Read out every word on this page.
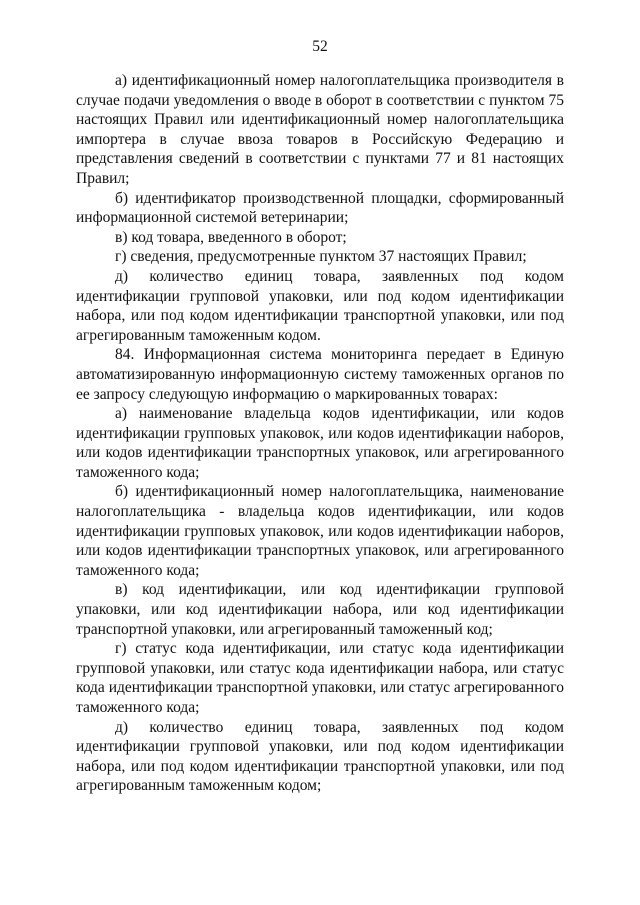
52

а) идентификационный номер налогоплательщика производителя в случае подачи уведомления о вводе в оборот в соответствии с пунктом 75 настоящих Правил или идентификационный номер налогоплательщика импортера в случае ввоза товаров в Российскую Федерацию и представления сведений в соответствии с пунктами 77 и 81 настоящих Правил;

б) идентификатор производственной площадки, сформированный информационной системой ветеринарии;

в) код товара, введенного в оборот;

г) сведения, предусмотренные пунктом 37 настоящих Правил;

д) количество единиц товара, заявленных под кодом идентификации групповой упаковки, или под кодом идентификации набора, или под кодом идентификации транспортной упаковки, или под агрегированным таможенным кодом.

84. Информационная система мониторинга передает в Единую автоматизированную информационную систему таможенных органов по ее запросу следующую информацию о маркированных товарах:

а) наименование владельца кодов идентификации, или кодов идентификации групповых упаковок, или кодов идентификации наборов, или кодов идентификации транспортных упаковок, или агрегированного таможенного кода;

б) идентификационный номер налогоплательщика, наименование налогоплательщика - владельца кодов идентификации, или кодов идентификации групповых упаковок, или кодов идентификации наборов, или кодов идентификации транспортных упаковок, или агрегированного таможенного кода;

в) код идентификации, или код идентификации групповой упаковки, или код идентификации набора, или код идентификации транспортной упаковки, или агрегированный таможенный код;

г) статус кода идентификации, или статус кода идентификации групповой упаковки, или статус кода идентификации набора, или статус кода идентификации транспортной упаковки, или статус агрегированного таможенного кода;

д) количество единиц товара, заявленных под кодом идентификации групповой упаковки, или под кодом идентификации набора, или под кодом идентификации транспортной упаковки, или под агрегированным таможенным кодом;
